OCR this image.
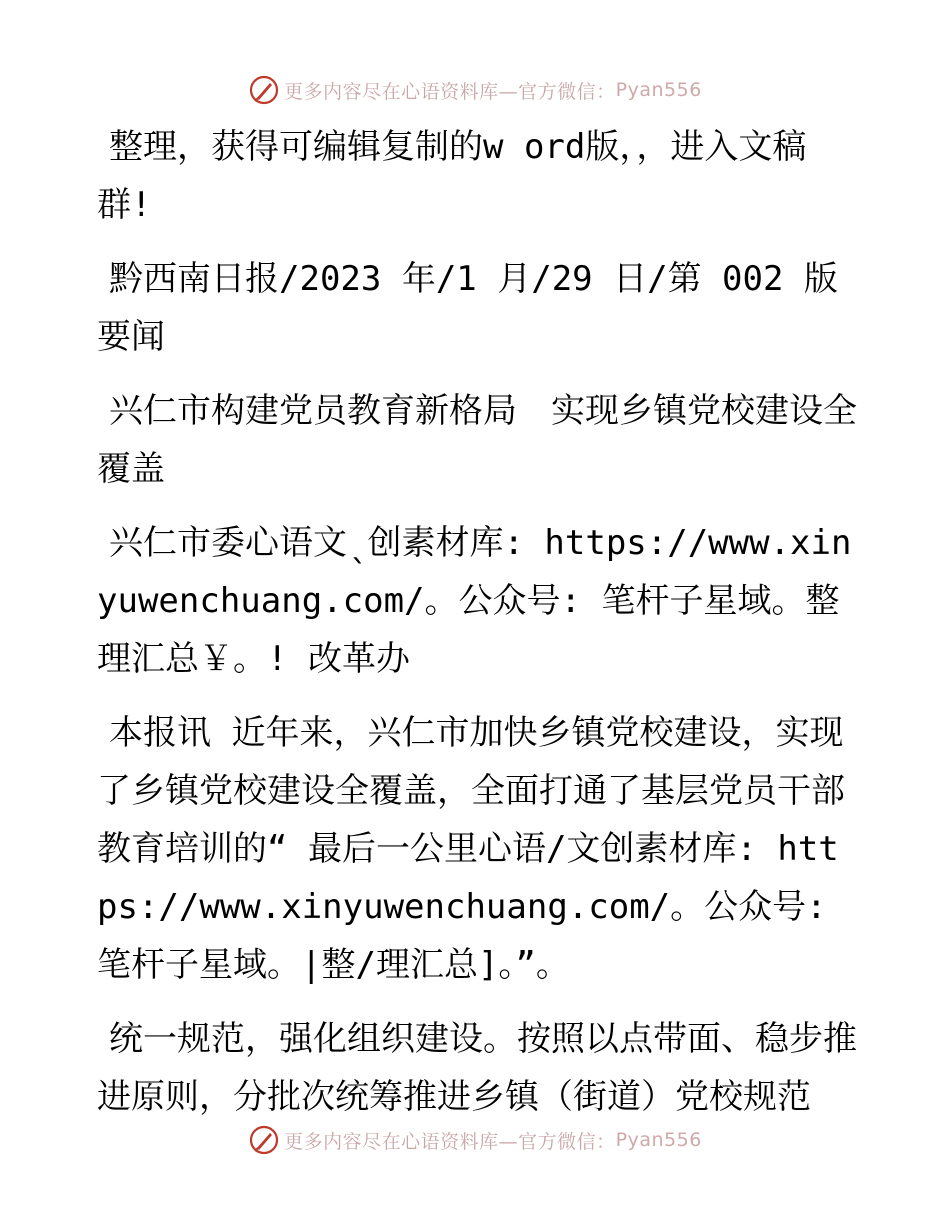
更多内容尽在心语资料库—官方微信： Pyan556

整理，获得可编辑复制的w ord版，，进入文稿群!

黔西南日报/2023 年/1 月/29 日/第 002 版要闻

兴仁市构建党员教育新格局　实现乡镇党校建设全覆盖

兴仁市委心语文ˎ创素材库: https://www.xinyuwenchuang.com/。公众号: 笔杆子星域。整理汇总￥。! 改革办

本报讯 近年来，兴仁市加快乡镇党校建设，实现了乡镇党校建设全覆盖，全面打通了基层党员干部教育培训的“ 最后一公里心语/文创素材库: https://www.xinyuwenchuang.com/。公众号: 笔杆子星域。|整/理汇总]。”。

统一规范，强化组织建设。按照以点带面、稳步推进原则，分批次统筹推进乡镇（街道）党校规范

更多内容尽在心语资料库—官方微信： Pyan556
